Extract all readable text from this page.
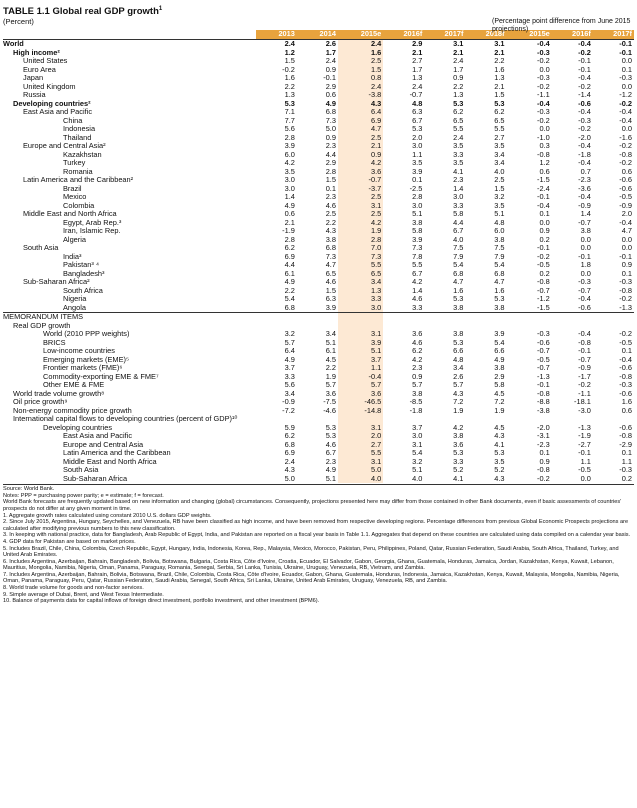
TABLE 1.1 Global real GDP growth$^1$
(Percent)	(Percentage point difference from June 2015 projections)
	2013	2014	2015e	2016f	2017f	2018f	2015e	2016f	2017f
World	2.4	2.6	2.4	2.9	3.1	3.1	-0.4	-0.4	-0.1
High income²	1.2	1.7	1.6	2.1	2.1	2.1	-0.3	-0.2	-0.1
United States	1.5	2.4	2.5	2.7	2.4	2.2	-0.2	-0.1	0.0
Euro Area	-0.2	0.9	1.5	1.7	1.7	1.6	0.0	-0.1	0.1
Japan	1.6	-0.1	0.8	1.3	0.9	1.3	-0.3	-0.4	-0.3
United Kingdom	2.2	2.9	2.4	2.4	2.2	2.1	-0.2	-0.2	0.0
Russia	1.3	0.6	-3.8	-0.7	1.3	1.5	-1.1	-1.4	-1.2
Developing countries²	5.3	4.9	4.3	4.8	5.3	5.3	-0.4	-0.6	-0.2
East Asia and Pacific	7.1	6.8	6.4	6.3	6.2	6.2	-0.3	-0.4	-0.4
China	7.7	7.3	6.9	6.7	6.5	6.5	-0.2	-0.3	-0.4
Indonesia	5.6	5.0	4.7	5.3	5.5	5.5	0.0	-0.2	0.0
Thailand	2.8	0.9	2.5	2.0	2.4	2.7	-1.0	-2.0	-1.6
Europe and Central Asia²	3.9	2.3	2.1	3.0	3.5	3.5	0.3	-0.4	-0.2
Kazakhstan	6.0	4.4	0.9	1.1	3.3	3.4	-0.8	-1.8	-0.8
Turkey	4.2	2.9	4.2	3.5	3.5	3.4	1.2	-0.4	-0.2
Romania	3.5	2.8	3.6	3.9	4.1	4.0	0.6	0.7	0.6
Latin America and the Caribbean²	3.0	1.5	-0.7	0.1	2.3	2.5	-1.5	-2.3	-0.6
Brazil	3.0	0.1	-3.7	-2.5	1.4	1.5	-2.4	-3.6	-0.6
Mexico	1.4	2.3	2.5	2.8	3.0	3.2	-0.1	-0.4	-0.5
Colombia	4.9	4.6	3.1	3.0	3.3	3.5	-0.4	-0.9	-0.9
Middle East and North Africa	0.6	2.5	2.5	5.1	5.8	5.1	0.1	1.4	2.0
Egypt, Arab Rep.³	2.1	2.2	4.2	3.8	4.4	4.8	0.0	-0.7	-0.4
Iran, Islamic Rep.	-1.9	4.3	1.9	5.8	6.7	6.0	0.9	3.8	4.7
Algeria	2.8	3.8	2.8	3.9	4.0	3.8	0.2	0.0	0.0
South Asia	6.2	6.8	7.0	7.3	7.5	7.5	-0.1	0.0	0.0
India³	6.9	7.3	7.3	7.8	7.9	7.9	-0.2	-0.1	-0.1
Pakistan³ ⁴	4.4	4.7	5.5	5.5	5.4	5.4	-0.5	1.8	0.9
Bangladesh³	6.1	6.5	6.5	6.7	6.8	6.8	0.2	0.0	0.1
Sub-Saharan Africa²	4.9	4.6	3.4	4.2	4.7	4.7	-0.8	-0.3	-0.3
South Africa	2.2	1.5	1.3	1.4	1.6	1.6	-0.7	-0.7	-0.8
Nigeria	5.4	6.3	3.3	4.6	5.3	5.3	-1.2	-0.4	-0.2
Angola	6.8	3.9	3.0	3.3	3.8	3.8	-1.5	-0.6	-1.3
MEMORANDUM ITEMS									
Real GDP growth									
World (2010 PPP weights)	3.2	3.4	3.1	3.6	3.8	3.9	-0.3	-0.4	-0.2
BRICS	5.7	5.1	3.9	4.6	5.3	5.4	-0.6	-0.8	-0.5
Low-income countries	6.4	6.1	5.1	6.2	6.6	6.6	-0.7	-0.1	0.1
Emerging markets (EME)⁵	4.9	4.5	3.7	4.2	4.8	4.9	-0.5	-0.7	-0.4
Frontier markets (FME)⁶	3.7	2.2	1.1	2.3	3.4	3.8	-0.7	-0.9	-0.6
Commodity-exporting EME & FME⁷	3.3	1.9	-0.4	0.9	2.6	2.9	-1.3	-1.7	-0.8
Other EME & FME	5.6	5.7	5.7	5.7	5.7	5.8	-0.1	-0.2	-0.3
World trade volume growth⁸	3.4	3.6	3.6	3.8	4.3	4.5	-0.8	-1.1	-0.6
Oil price growth⁹	-0.9	-7.5	-46.5	-8.5	7.2	7.2	-8.8	-18.1	1.6
Non-energy commodity price growth	-7.2	-4.6	-14.8	-1.8	1.9	1.9	-3.8	-3.0	0.6
International capital flows to developing countries (percent of GDP)¹⁰									
Developing countries	5.9	5.3	3.1	3.7	4.2	4.5	-2.0	-1.3	-0.6
East Asia and Pacific	6.2	5.3	2.0	3.0	3.8	4.3	-3.1	-1.9	-0.8
Europe and Central Asia	6.8	4.6	2.7	3.1	3.6	4.1	-2.3	-2.7	-2.9
Latin America and the Caribbean	6.9	6.7	5.5	5.4	5.3	5.3	0.1	-0.1	0.1
Middle East and North Africa	2.4	2.3	3.1	3.2	3.3	3.5	0.9	1.1	1.1
South Asia	4.3	4.9	5.0	5.1	5.2	5.2	-0.8	-0.5	-0.3
Sub-Saharan Africa	5.0	5.1	4.0	4.0	4.1	4.3	-0.2	0.0	0.2

Source: World Bank.

Notes: PPP = purchasing power parity; e = estimate; f = forecast.

World Bank forecasts are frequently updated based on new information and changing (global) circumstances. Consequently, projections presented here may differ from those contained in other Bank documents, even if basic assessments of countries' prospects do not differ at any given moment in time.

1. Aggregate growth rates calculated using constant 2010 U.S. dollars GDP weights.

2. Since July 2015, Argentina, Hungary, Seychelles, and Venezuela, RB have been classified as high income, and have been removed from respective developing regions. Percentage differences from previous Global Economic Prospects projections are calculated after modifying previous numbers to this new classification.

3. In keeping with national practice, data for Bangladesh, Arab Republic of Egypt, India, and Pakistan are reported on a fiscal year basis in Table 1.1. Aggregates that depend on these countries are calculated using data compiled on a calendar year basis.

4. GDP data for Pakistan are based on market prices.

5. Includes Brazil, Chile, China, Colombia, Czech Republic, Egypt, Hungary, India, Indonesia, Korea, Rep., Malaysia, Mexico, Morocco, Pakistan, Peru, Philippines, Poland, Qatar, Russian Federation, Saudi Arabia, South Africa, Thailand, Turkey, and United Arab Emirates.

6. Includes Argentina, Azerbaijan, Bahrain, Bangladesh, Bolivia, Botswana, Bulgaria, Costa Rica, Côte d'Ivoire, Croatia, Ecuador, El Salvador, Gabon, Georgia, Ghana, Guatemala, Honduras, Jamaica, Jordan, Kazakhstan, Kenya, Kuwait, Lebanon, Mauritius, Mongolia, Namibia, Nigeria, Oman, Panama, Paraguay, Romania, Senegal, Serbia, Sri Lanka, Tunisia, Ukraine, Uruguay, Venezuela, RB, Vietnam, and Zambia.

7. Includes Argentina, Azerbaijan, Bahrain, Bolivia, Botswana, Brazil, Chile, Colombia, Costa Rica, Côte d'Ivoire, Ecuador, Gabon, Ghana, Guatemala, Honduras, Indonesia, Jamaica, Kazakhstan, Kenya, Kuwait, Malaysia, Mongolia, Namibia, Nigeria, Oman, Panama, Paraguay, Peru, Qatar, Russian Federation, Saudi Arabia, Senegal, South Africa, Sri Lanka, Ukraine, United Arab Emirates, Uruguay, Venezuela, RB, and Zambia.

8. World trade volume for goods and non-factor services.

9. Simple average of Dubai, Brent, and West Texas Intermediate.

10. Balance of payments data for capital inflows of foreign direct investment, portfolio investment, and other investment (BPM6).
